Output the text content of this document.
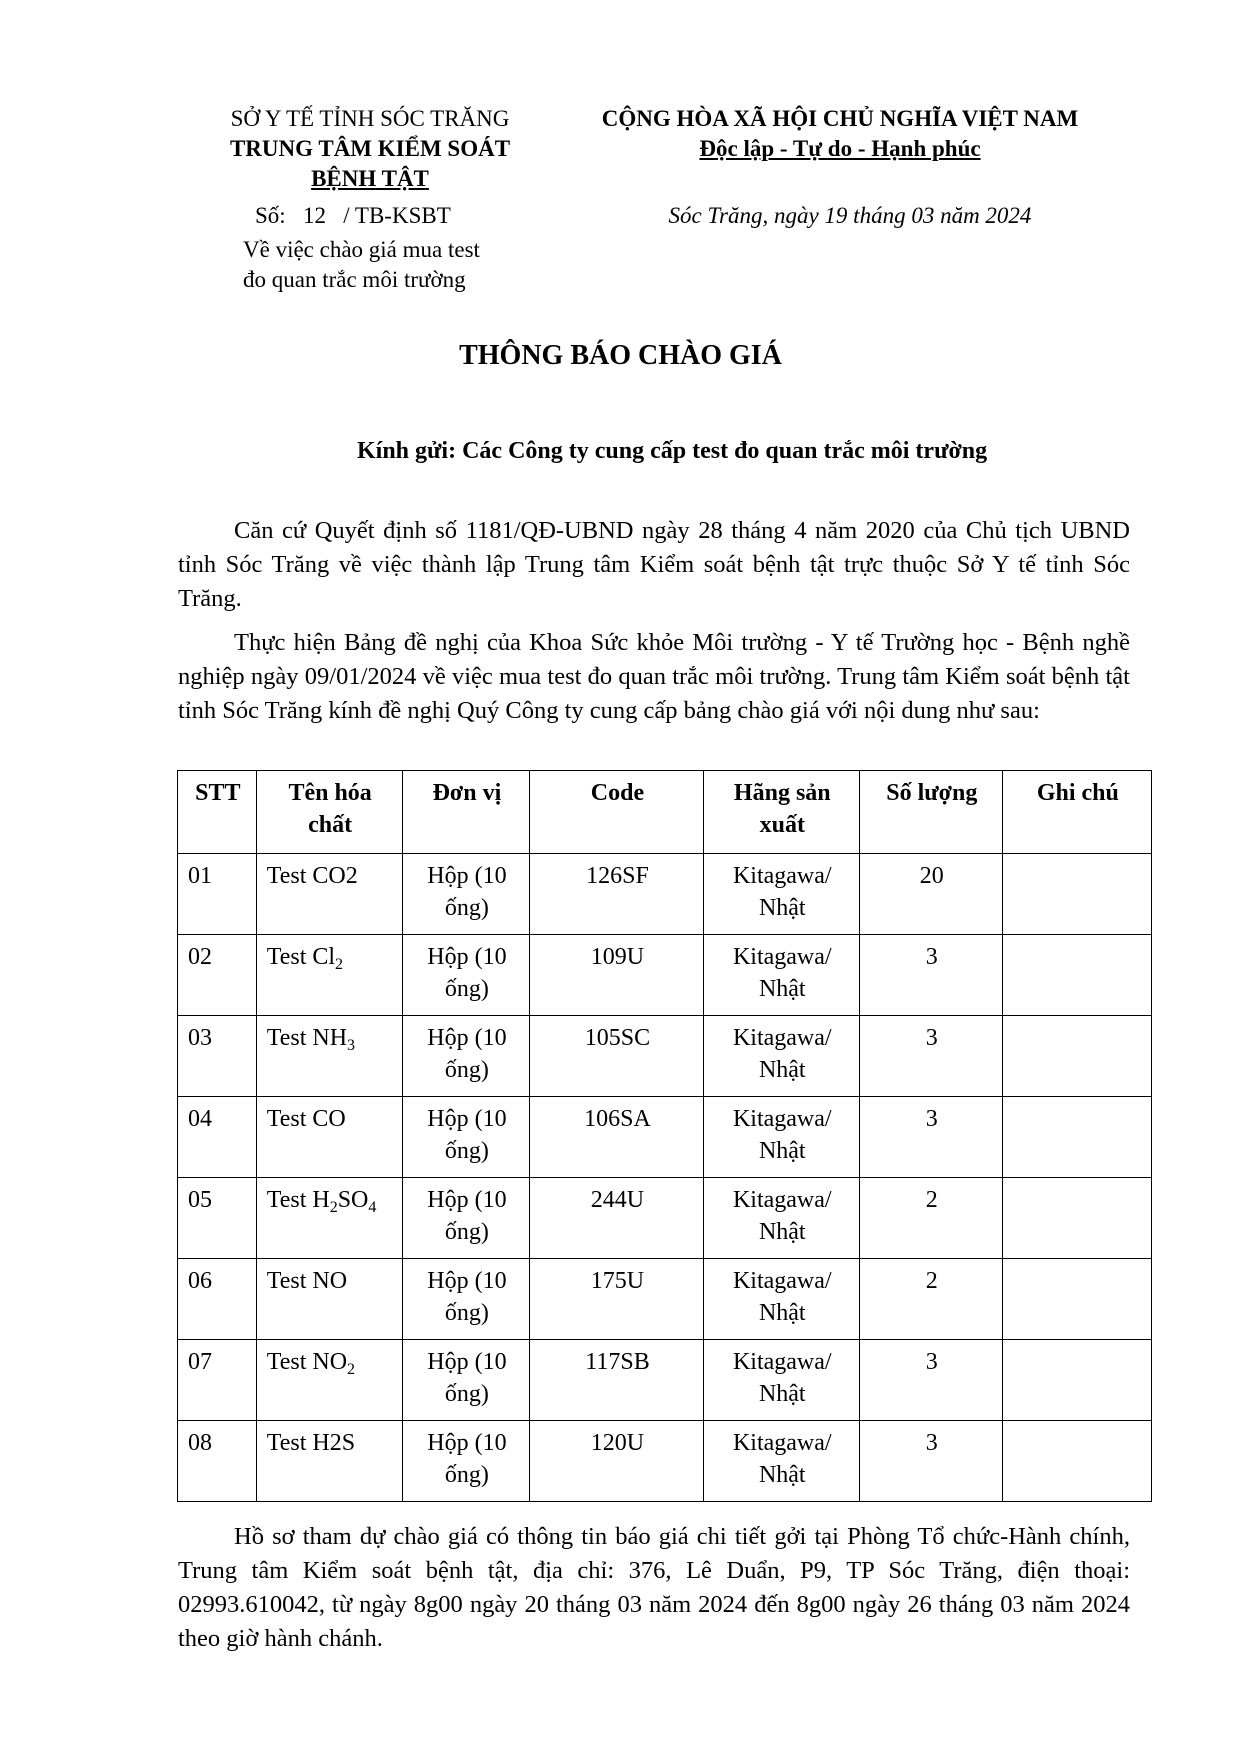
SỞ Y TẾ TỈNH SÓC TRĂNG
TRUNG TÂM KIỂM SOÁT
BỆNH TẬT
CỘNG HÒA XÃ HỘI CHỦ NGHĨA VIỆT NAM
Độc lập - Tự do - Hạnh phúc
Số: 12 / TB-KSBT
Về việc chào giá mua test
đo quan trắc môi trường
Sóc Trăng, ngày 19 tháng 03 năm 2024
THÔNG BÁO CHÀO GIÁ
Kính gửi: Các Công ty cung cấp test đo quan trắc môi trường
Căn cứ Quyết định số 1181/QĐ-UBND ngày 28 tháng 4 năm 2020 của Chủ tịch UBND tỉnh Sóc Trăng về việc thành lập Trung tâm Kiểm soát bệnh tật trực thuộc Sở Y tế tỉnh Sóc Trăng.
Thực hiện Bảng đề nghị của Khoa Sức khỏe Môi trường - Y tế Trường học - Bệnh nghề nghiệp ngày 09/01/2024 về việc mua test đo quan trắc môi trường. Trung tâm Kiểm soát bệnh tật tỉnh Sóc Trăng kính đề nghị Quý Công ty cung cấp bảng chào giá với nội dung như sau:
STT	Tên hóa chất	Đơn vị	Code	Hãng sản xuất	Số lượng	Ghi chú
01	Test CO2	Hộp (10 ống)	126SF	Kitagawa/ Nhật	20	
02	Test $Cl_2$	Hộp (10 ống)	109U	Kitagawa/ Nhật	3	
03	Test $NH_3$	Hộp (10 ống)	105SC	Kitagawa/ Nhật	3	
04	Test CO	Hộp (10 ống)	106SA	Kitagawa/ Nhật	3	
05	Test $H_2SO_4$	Hộp (10 ống)	244U	Kitagawa/ Nhật	2	
06	Test NO	Hộp (10 ống)	175U	Kitagawa/ Nhật	2	
07	Test $NO_2$	Hộp (10 ống)	117SB	Kitagawa/ Nhật	3	
08	Test H2S	Hộp (10 ống)	120U	Kitagawa/ Nhật	3	
Hồ sơ tham dự chào giá có thông tin báo giá chi tiết gởi tại Phòng Tổ chức-Hành chính, Trung tâm Kiểm soát bệnh tật, địa chỉ: 376, Lê Duẩn, P9, TP Sóc Trăng, điện thoại: 02993.610042, từ ngày 8g00 ngày 20 tháng 03 năm 2024 đến 8g00 ngày 26 tháng 03 năm 2024 theo giờ hành chánh.
